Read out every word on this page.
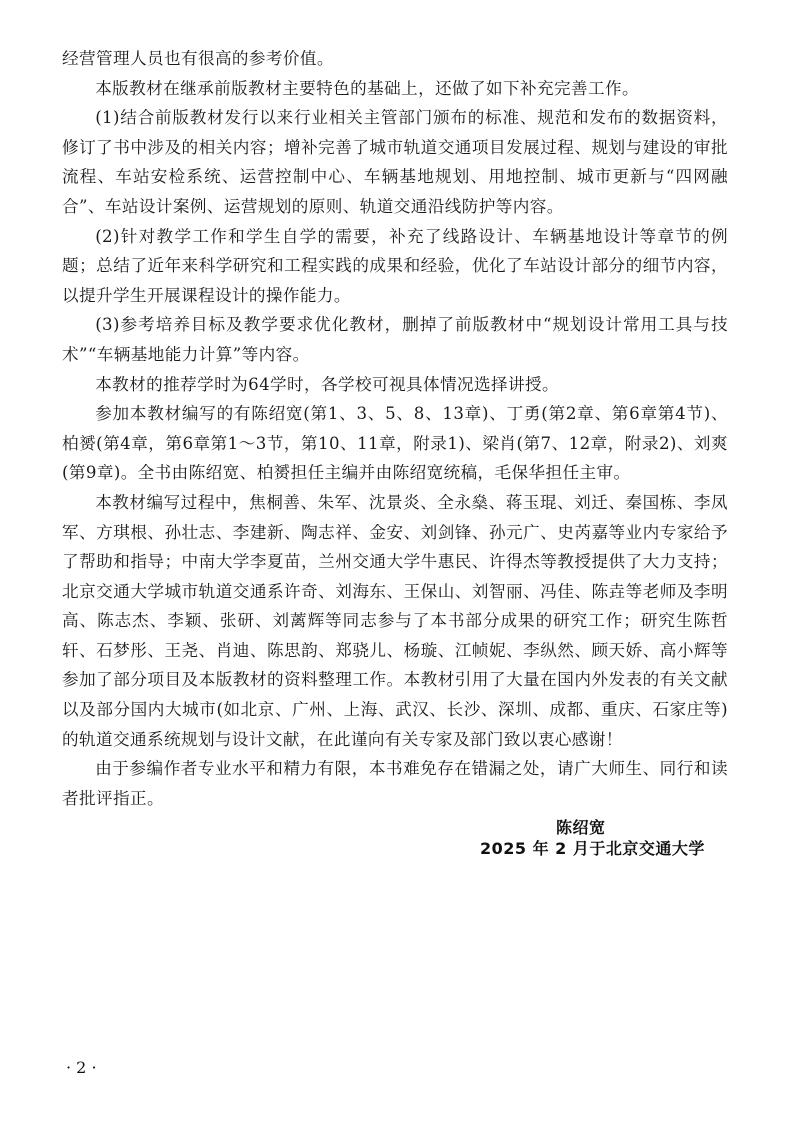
经营管理人员也有很高的参考价值。

本版教材在继承前版教材主要特色的基础上，还做了如下补充完善工作。

(1)结合前版教材发行以来行业相关主管部门颁布的标准、规范和发布的数据资料，修订了书中涉及的相关内容；增补完善了城市轨道交通项目发展过程、规划与建设的审批流程、车站安检系统、运营控制中心、车辆基地规划、用地控制、城市更新与“四网融合”、车站设计案例、运营规划的原则、轨道交通沿线防护等内容。

(2)针对教学工作和学生自学的需要，补充了线路设计、车辆基地设计等章节的例题；总结了近年来科学研究和工程实践的成果和经验，优化了车站设计部分的细节内容，以提升学生开展课程设计的操作能力。

(3)参考培养目标及教学要求优化教材，删掉了前版教材中“规划设计常用工具与技术”“车辆基地能力计算”等内容。

本教材的推荐学时为64学时，各学校可视具体情况选择讲授。

参加本教材编写的有陈绍宽(第1、3、5、8、13章)、丁勇(第2章、第6章第4节)、柏赟(第4章，第6章第1～3节，第10、11章，附录1)、梁肖(第7、12章，附录2)、刘爽(第9章)。全书由陈绍宽、柏赟担任主编并由陈绍宽统稿，毛保华担任主审。

本教材编写过程中，焦桐善、朱军、沈景炎、全永燊、蒋玉琨、刘迁、秦国栋、李凤军、方琪根、孙壮志、李建新、陶志祥、金安、刘剑锋、孙元广、史芮嘉等业内专家给予了帮助和指导；中南大学李夏苗，兰州交通大学牛惠民、许得杰等教授提供了大力支持；北京交通大学城市轨道交通系许奇、刘海东、王保山、刘智丽、冯佳、陈垚等老师及李明高、陈志杰、李颖、张研、刘蓠辉等同志参与了本书部分成果的研究工作；研究生陈哲轩、石梦彤、王尧、肖迪、陈思韵、郑骁儿、杨璇、江帧妮、李纵然、顾天娇、高小辉等参加了部分项目及本版教材的资料整理工作。本教材引用了大量在国内外发表的有关文献以及部分国内大城市(如北京、广州、上海、武汉、长沙、深圳、成都、重庆、石家庄等)的轨道交通系统规划与设计文献，在此谨向有关专家及部门致以衷心感谢！

由于参编作者专业水平和精力有限，本书难免存在错漏之处，请广大师生、同行和读者批评指正。

陈绍宽
2025 年 2 月于北京交通大学
· 2 ·
